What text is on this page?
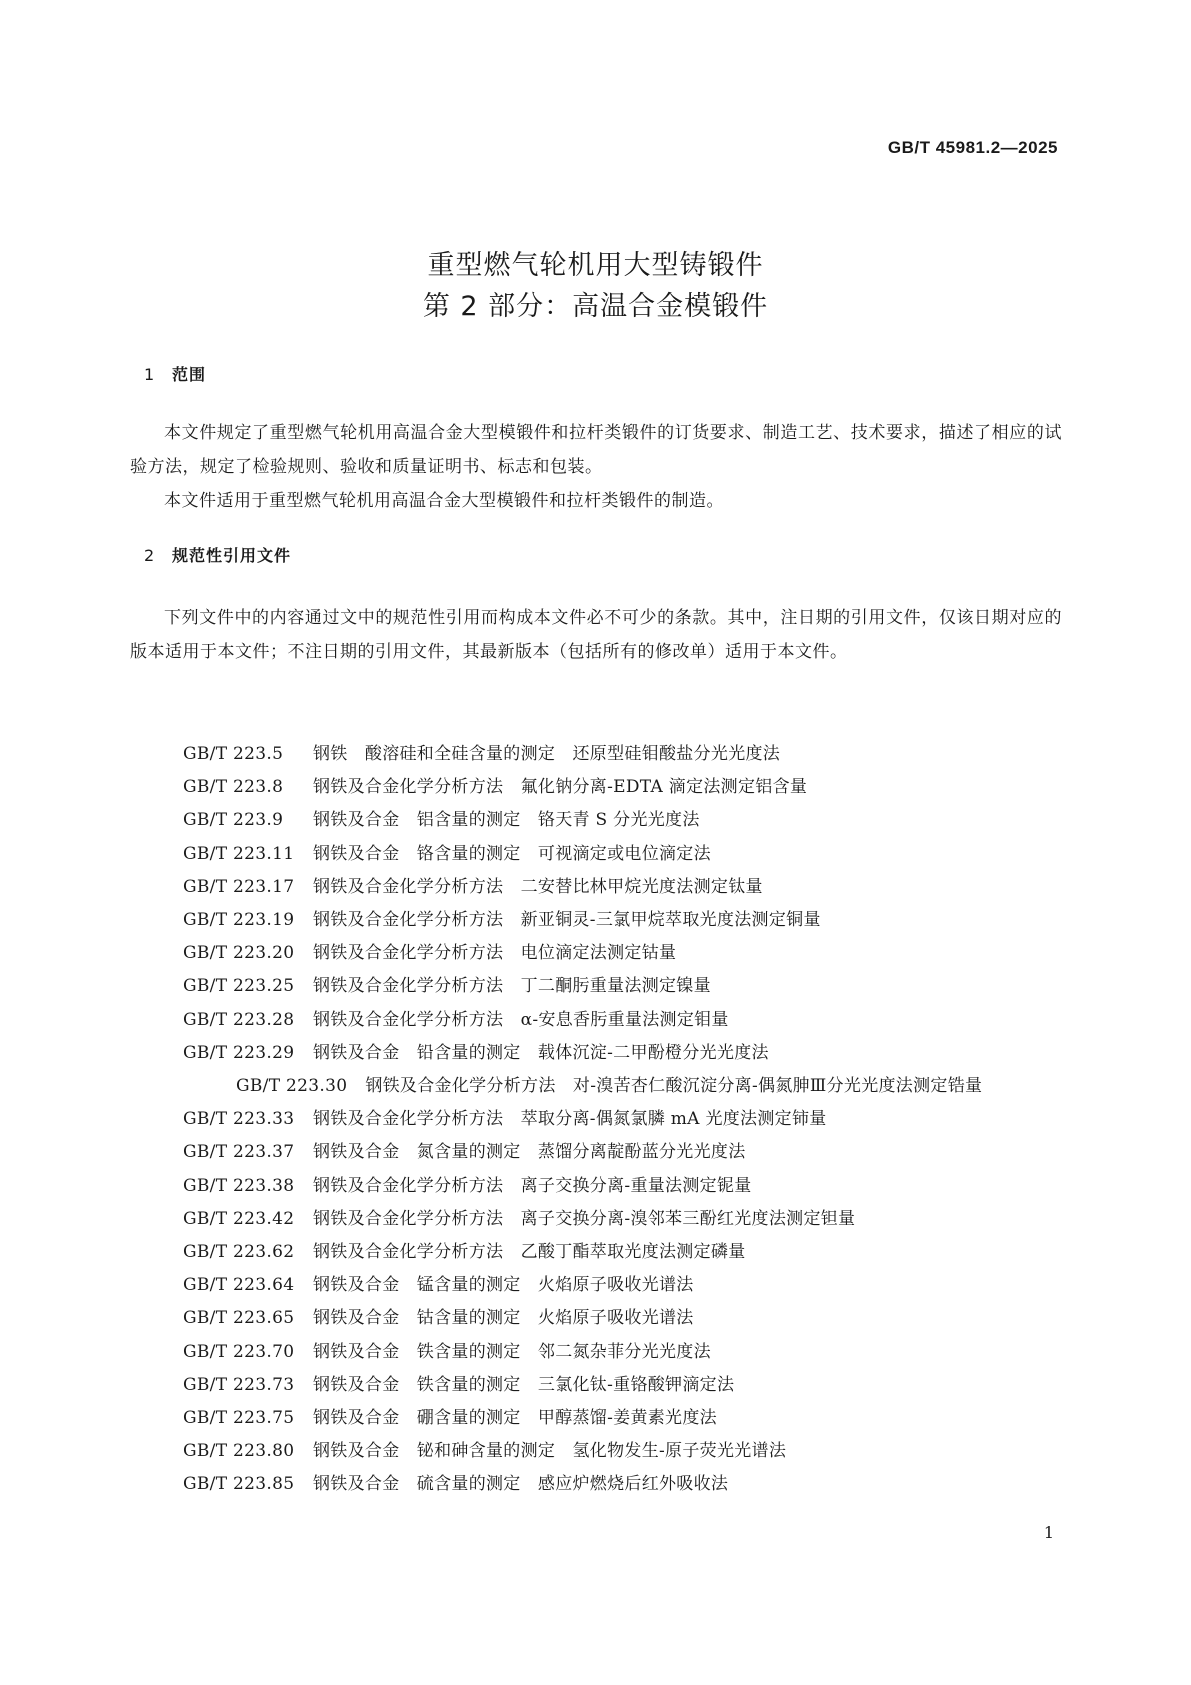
GB/T 45981.2—2025
重型燃气轮机用大型铸锻件
第 2 部分：高温合金模锻件
1 范围
本文件规定了重型燃气轮机用高温合金大型模锻件和拉杆类锻件的订货要求、制造工艺、技术要求，描述了相应的试验方法，规定了检验规则、验收和质量证明书、标志和包装。
本文件适用于重型燃气轮机用高温合金大型模锻件和拉杆类锻件的制造。
2 规范性引用文件
下列文件中的内容通过文中的规范性引用而构成本文件必不可少的条款。其中，注日期的引用文件，仅该日期对应的版本适用于本文件；不注日期的引用文件，其最新版本（包括所有的修改单）适用于本文件。
GB/T 223.5 钢铁　酸溶硅和全硅含量的测定　还原型硅钼酸盐分光光度法
GB/T 223.8 钢铁及合金化学分析方法　氟化钠分离-EDTA 滴定法测定铝含量
GB/T 223.9 钢铁及合金　铝含量的测定　铬天青 S 分光光度法
GB/T 223.11 钢铁及合金　铬含量的测定　可视滴定或电位滴定法
GB/T 223.17 钢铁及合金化学分析方法　二安替比林甲烷光度法测定钛量
GB/T 223.19 钢铁及合金化学分析方法　新亚铜灵-三氯甲烷萃取光度法测定铜量
GB/T 223.20 钢铁及合金化学分析方法　电位滴定法测定钴量
GB/T 223.25 钢铁及合金化学分析方法　丁二酮肟重量法测定镍量
GB/T 223.28 钢铁及合金化学分析方法　α-安息香肟重量法测定钼量
GB/T 223.29 钢铁及合金　铅含量的测定　载体沉淀-二甲酚橙分光光度法
GB/T 223.30 钢铁及合金化学分析方法　对-溴苦杏仁酸沉淀分离-偶氮胂Ⅲ分光光度法测定锆量
GB/T 223.33 钢铁及合金化学分析方法　萃取分离-偶氮氯膦 mA 光度法测定铈量
GB/T 223.37 钢铁及合金　氮含量的测定　蒸馏分离靛酚蓝分光光度法
GB/T 223.38 钢铁及合金化学分析方法　离子交换分离-重量法测定铌量
GB/T 223.42 钢铁及合金化学分析方法　离子交换分离-溴邻苯三酚红光度法测定钽量
GB/T 223.62 钢铁及合金化学分析方法　乙酸丁酯萃取光度法测定磷量
GB/T 223.64 钢铁及合金　锰含量的测定　火焰原子吸收光谱法
GB/T 223.65 钢铁及合金　钴含量的测定　火焰原子吸收光谱法
GB/T 223.70 钢铁及合金　铁含量的测定　邻二氮杂菲分光光度法
GB/T 223.73 钢铁及合金　铁含量的测定　三氯化钛-重铬酸钾滴定法
GB/T 223.75 钢铁及合金　硼含量的测定　甲醇蒸馏-姜黄素光度法
GB/T 223.80 钢铁及合金　铋和砷含量的测定　氢化物发生-原子荧光光谱法
GB/T 223.85 钢铁及合金　硫含量的测定　感应炉燃烧后红外吸收法
1
